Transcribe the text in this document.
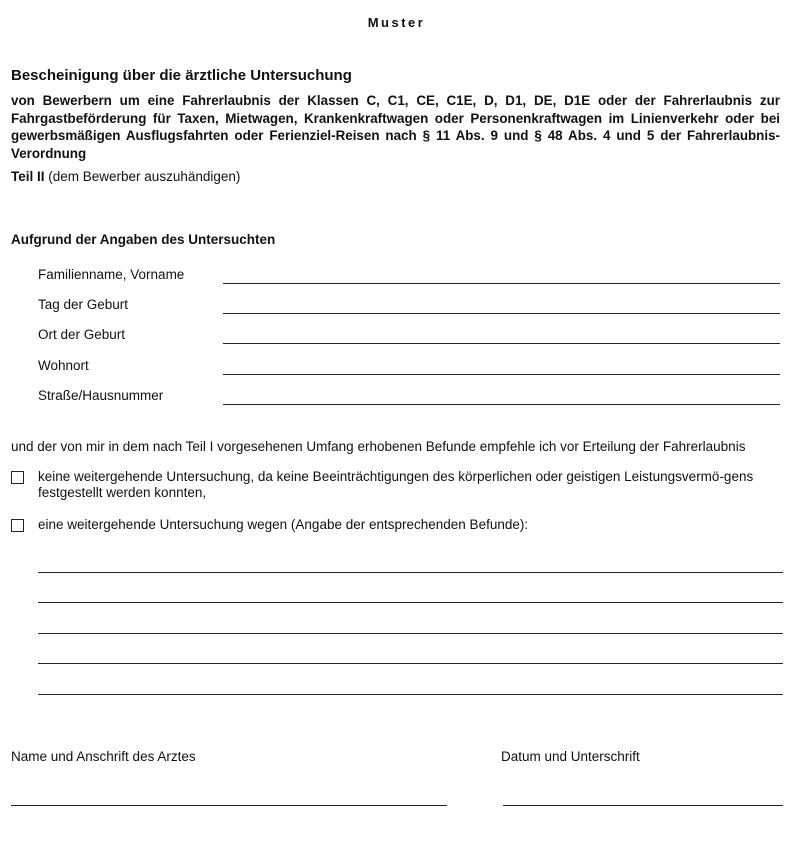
Muster
Bescheinigung über die ärztliche Untersuchung
von Bewerbern um eine Fahrerlaubnis der Klassen C, C1, CE, C1E, D, D1, DE, D1E oder der Fahrerlaubnis zur Fahrgastbeförderung für Taxen, Mietwagen, Krankenkraftwagen oder Personenkraftwagen im Linienverkehr oder bei gewerbsmäßigen Ausflugsfahrten oder Ferienziel-Reisen nach § 11 Abs. 9 und § 48 Abs. 4 und 5 der Fahrerlaubnis-Verordnung
Teil II (dem Bewerber auszuhändigen)
Aufgrund der Angaben des Untersuchten
Familienname, Vorname
Tag der Geburt
Ort der Geburt
Wohnort
Straße/Hausnummer
und der von mir in dem nach Teil I vorgesehenen Umfang erhobenen Befunde empfehle ich vor Erteilung der Fahrerlaubnis
keine weitergehende Untersuchung, da keine Beeinträchtigungen des körperlichen oder geistigen Leistungsvermö-gens festgestellt werden konnten,
eine weitergehende Untersuchung wegen (Angabe der entsprechenden Befunde):
Name und Anschrift des Arztes	Datum und Unterschrift
